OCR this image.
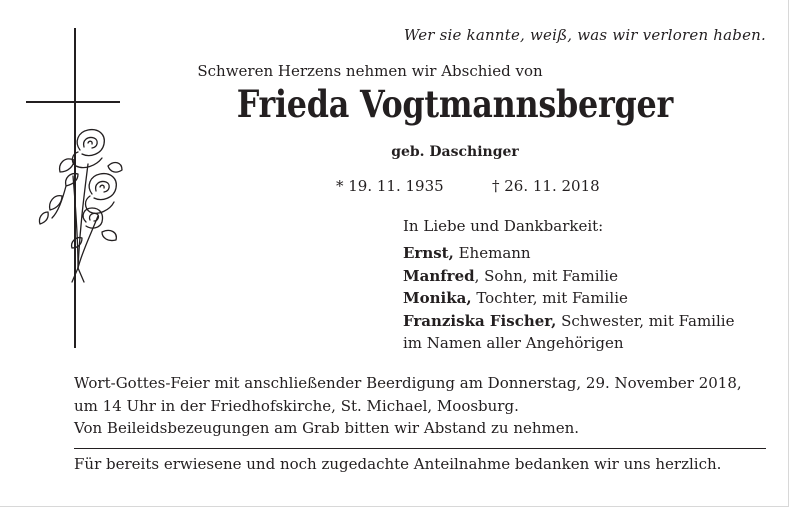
Wer sie kannte, weiß, was wir verloren haben.
Schweren Herzens nehmen wir Abschied von
Frieda Vogtmannsberger
geb. Daschinger
* 19. 11. 1935	† 26. 11. 2018
In Liebe und Dankbarkeit:
Ernst, Ehemann
Manfred, Sohn, mit Familie
Monika, Tochter, mit Familie
Franziska Fischer, Schwester, mit Familie
im Namen aller Angehörigen
Wort-Gottes-Feier mit anschließender Beerdigung am Donnerstag, 29. November 2018,
um 14 Uhr in der Friedhofskirche, St. Michael, Moosburg.
Von Beileidsbezeugungen am Grab bitten wir Abstand zu nehmen.
Für bereits erwiesene und noch zugedachte Anteilnahme bedanken wir uns herzlich.
